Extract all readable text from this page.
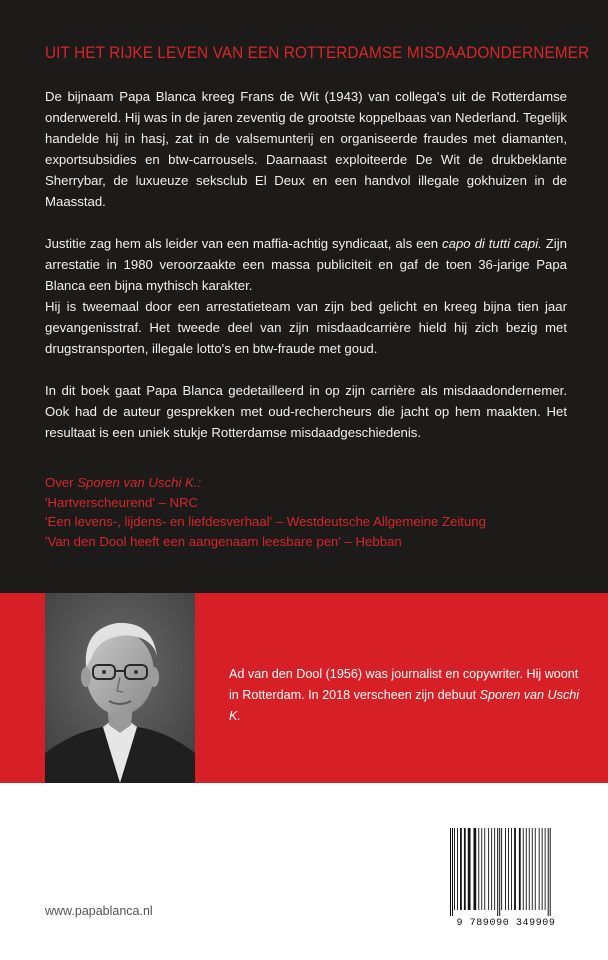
UIT HET RIJKE LEVEN VAN EEN ROTTERDAMSE MISDAADONDERNEMER

De bijnaam Papa Blanca kreeg Frans de Wit (1943) van collega's uit de Rotterdamse onderwereld. Hij was in de jaren zeventig de grootste koppelbaas van Nederland. Tegelijk handelde hij in hasj, zat in de valsemunterij en organiseerde fraudes met diamanten, exportsubsidies en btw-carrousels. Daarnaast exploiteerde De Wit de drukbeklante Sherrybar, de luxueuze seksclub El Deux en een handvol illegale gokhuizen in de Maasstad.

Justitie zag hem als leider van een maffia-achtig syndicaat, als een capo di tutti capi. Zijn arrestatie in 1980 veroorzaakte een massa publiciteit en gaf de toen 36-jarige Papa Blanca een bijna mythisch karakter.

Hij is tweemaal door een arrestatieteam van zijn bed gelicht en kreeg bijna tien jaar gevangenisstraf. Het tweede deel van zijn misdaadcarrière hield hij zich bezig met drugstransporten, illegale lotto's en btw-fraude met goud.

In dit boek gaat Papa Blanca gedetailleerd in op zijn carrière als misdaadondernemer. Ook had de auteur gesprekken met oud-rechercheurs die jacht op hem maakten. Het resultaat is een uniek stukje Rotterdamse misdaadgeschiedenis.

Over Sporen van Uschi K.:
'Hartverscheurend' – NRC
'Een levens-, lijdens- en liefdesverhaal' – Westdeutsche Allgemeine Zeitung
'Van den Dool heeft een aangenaam leesbare pen' – Hebban
Ad van den Dool (1956) was journalist en copywriter. Hij woont in Rotterdam. In 2018 verscheen zijn debuut Sporen van Uschi K.
www.papablanca.nl
9 789090 349909
